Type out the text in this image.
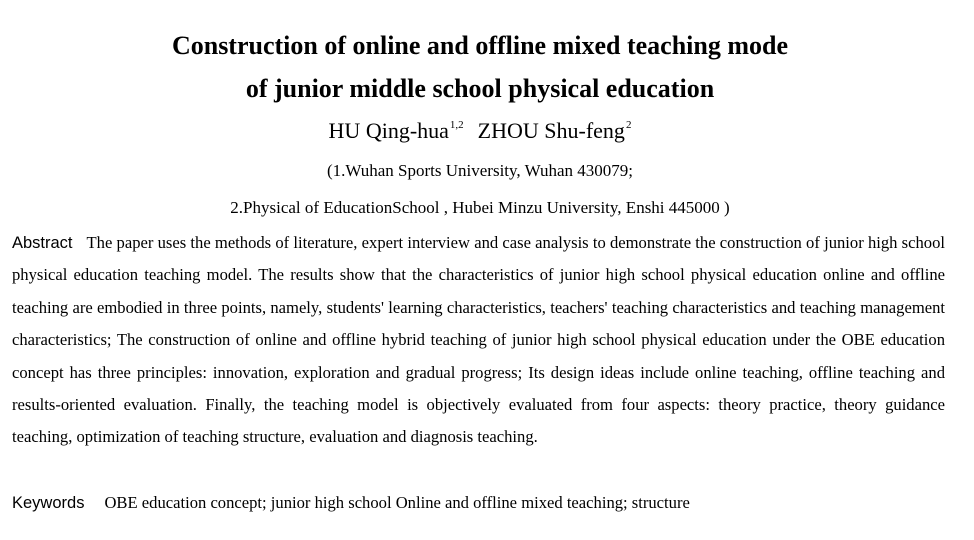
Construction of online and offline mixed teaching mode
of junior middle school physical education
HU Qing-hua$^{1,2}$ ZHOU Shu-feng$^2$
(1.Wuhan Sports University, Wuhan 430079;
2.Physical of EducationSchool , Hubei Minzu University, Enshi 445000 )
Abstract The paper uses the methods of literature, expert interview and case analysis to demonstrate the construction of junior high school physical education teaching model. The results show that the characteristics of junior high school physical education online and offline teaching are embodied in three points, namely, students' learning characteristics, teachers' teaching characteristics and teaching management characteristics; The construction of online and offline hybrid teaching of junior high school physical education under the OBE education concept has three principles: innovation, exploration and gradual progress; Its design ideas include online teaching, offline teaching and results-oriented evaluation. Finally, the teaching model is objectively evaluated from four aspects: theory practice, theory guidance teaching, optimization of teaching structure, evaluation and diagnosis teaching.
Keywords OBE education concept; junior high school Online and offline mixed teaching; structure
